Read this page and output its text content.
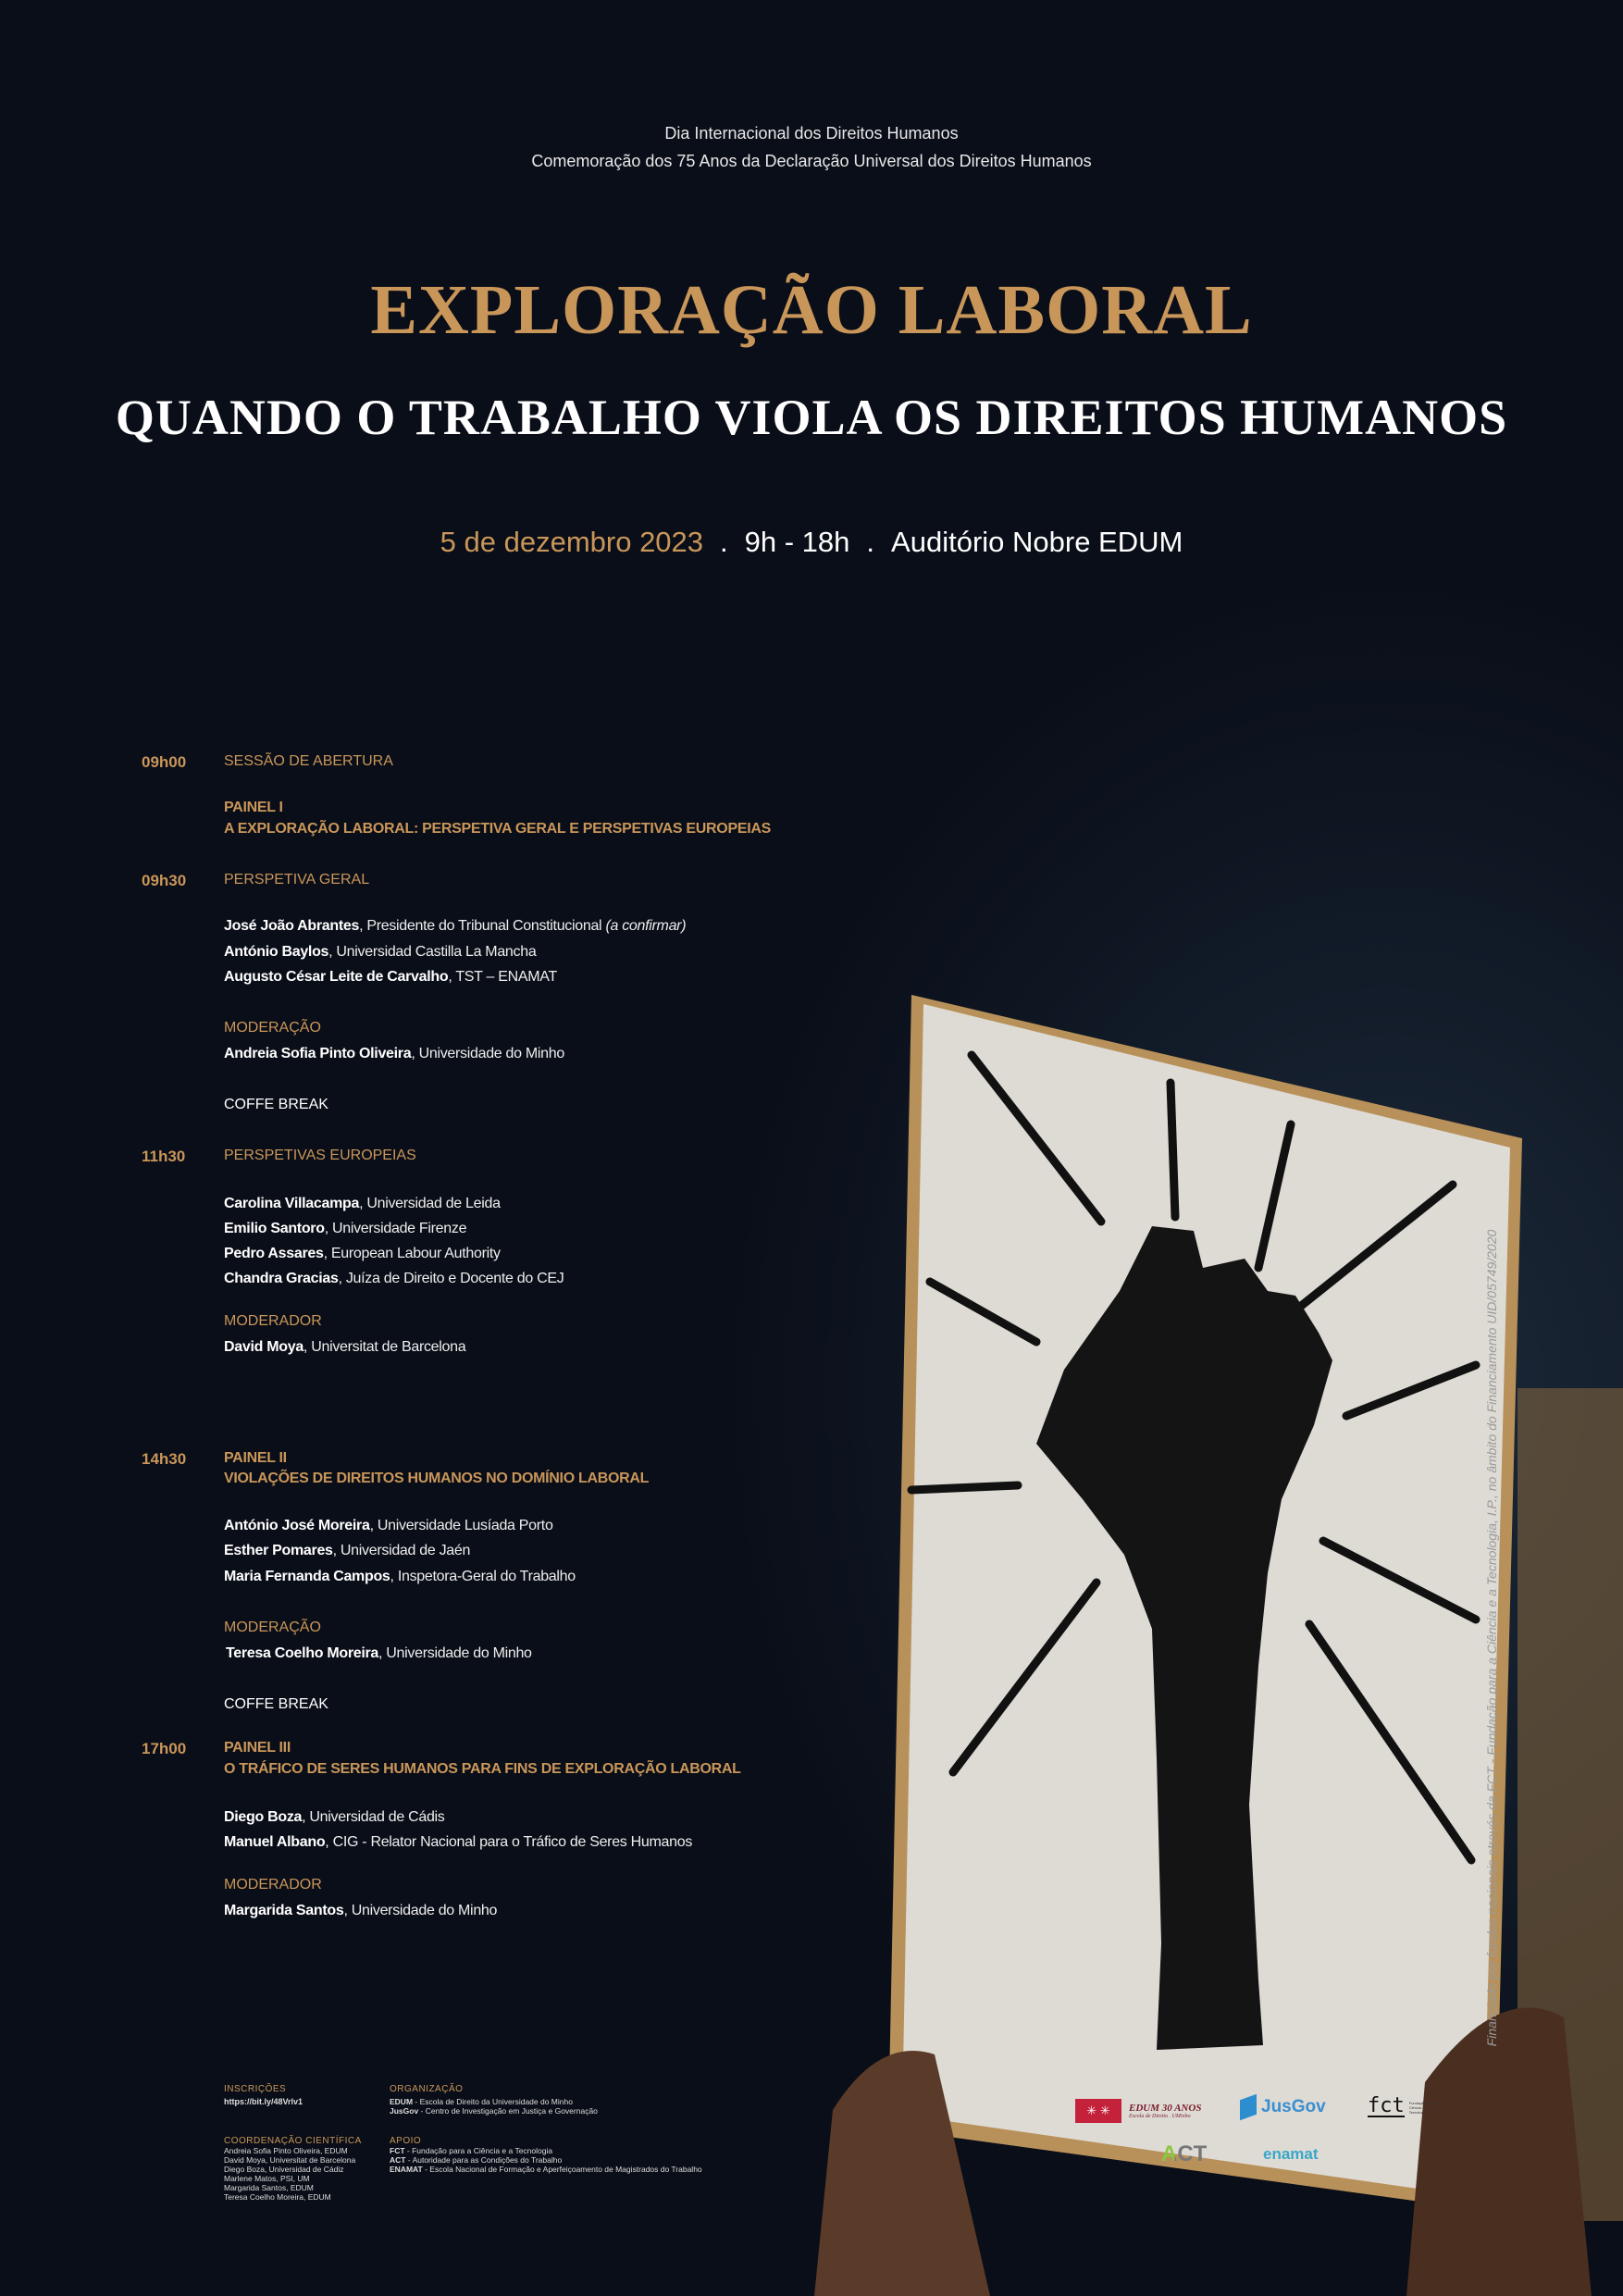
Dia Internacional dos Direitos Humanos
Comemoração dos 75 Anos da Declaração Universal dos Direitos Humanos
EXPLORAÇÃO LABORAL
QUANDO O TRABALHO VIOLA OS DIREITOS HUMANOS
5 de dezembro 2023 . 9h - 18h . Auditório Nobre EDUM
09h00	SESSÃO DE ABERTURA
PAINEL I
A EXPLORAÇÃO LABORAL: PERSPETIVA GERAL E PERSPETIVAS EUROPEIAS
09h30	PERSPETIVA GERAL
José João Abrantes, Presidente do Tribunal Constitucional (a confirmar)
António Baylos, Universidad Castilla La Mancha
Augusto César Leite de Carvalho, TST – ENAMAT
MODERAÇÃO
Andreia Sofia Pinto Oliveira, Universidade do Minho
COFFE BREAK
11h30	PERSPETIVAS EUROPEIAS
Carolina Villacampa, Universidad de Leida
Emilio Santoro, Universidade Firenze
Pedro Assares, European Labour Authority
Chandra Gracias, Juíza de Direito e Docente do CEJ
MODERADOR
David Moya, Universitat de Barcelona
14h30	PAINEL II
VIOLAÇÕES DE DIREITOS HUMANOS NO DOMÍNIO LABORAL
António José Moreira, Universidade Lusíada Porto
Esther Pomares, Universidad de Jaén
Maria Fernanda Campos, Inspetora-Geral do Trabalho
MODERAÇÃO
Teresa Coelho Moreira, Universidade do Minho
COFFE BREAK
17h00	PAINEL III
O TRÁFICO DE SERES HUMANOS PARA FINS DE EXPLORAÇÃO LABORAL
Diego Boza, Universidad de Cádis
Manuel Albano, CIG - Relator Nacional para o Tráfico de Seres Humanos
MODERADOR
Margarida Santos, Universidade do Minho
INSCRIÇÕES
https://bit.ly/48Vrlv1
COORDENAÇÃO CIENTÍFICA
Andreia Sofia Pinto Oliveira, EDUM
David Moya, Universitat de Barcelona
Diego Boza, Universidad de Cádiz
Marlene Matos, PSI, UM
Margarida Santos, EDUM
Teresa Coelho Moreira, EDUM
ORGANIZAÇÃO
EDUM - Escola de Direito da Universidade do Minho
JusGov - Centro de Investigação em Justiça e Governação
APOIO
FCT - Fundação para a Ciência e a Tecnologia
ACT - Autoridade para as Condições do Trabalho
ENAMAT - Escola Nacional de Formação e Aperfeiçoamento de Magistrados do Trabalho
Financiado por fundos nacionais através da FCT - Fundação para a Ciência e a Tecnologia, I.P., no âmbito do Financiamento UID/05749/2020
✳ ✳	EDUM 30 ANOS
Escola de Direito . UMinho	JusGov fct Fundação para a Ciência e a Tecnologia
ACT	enamat
